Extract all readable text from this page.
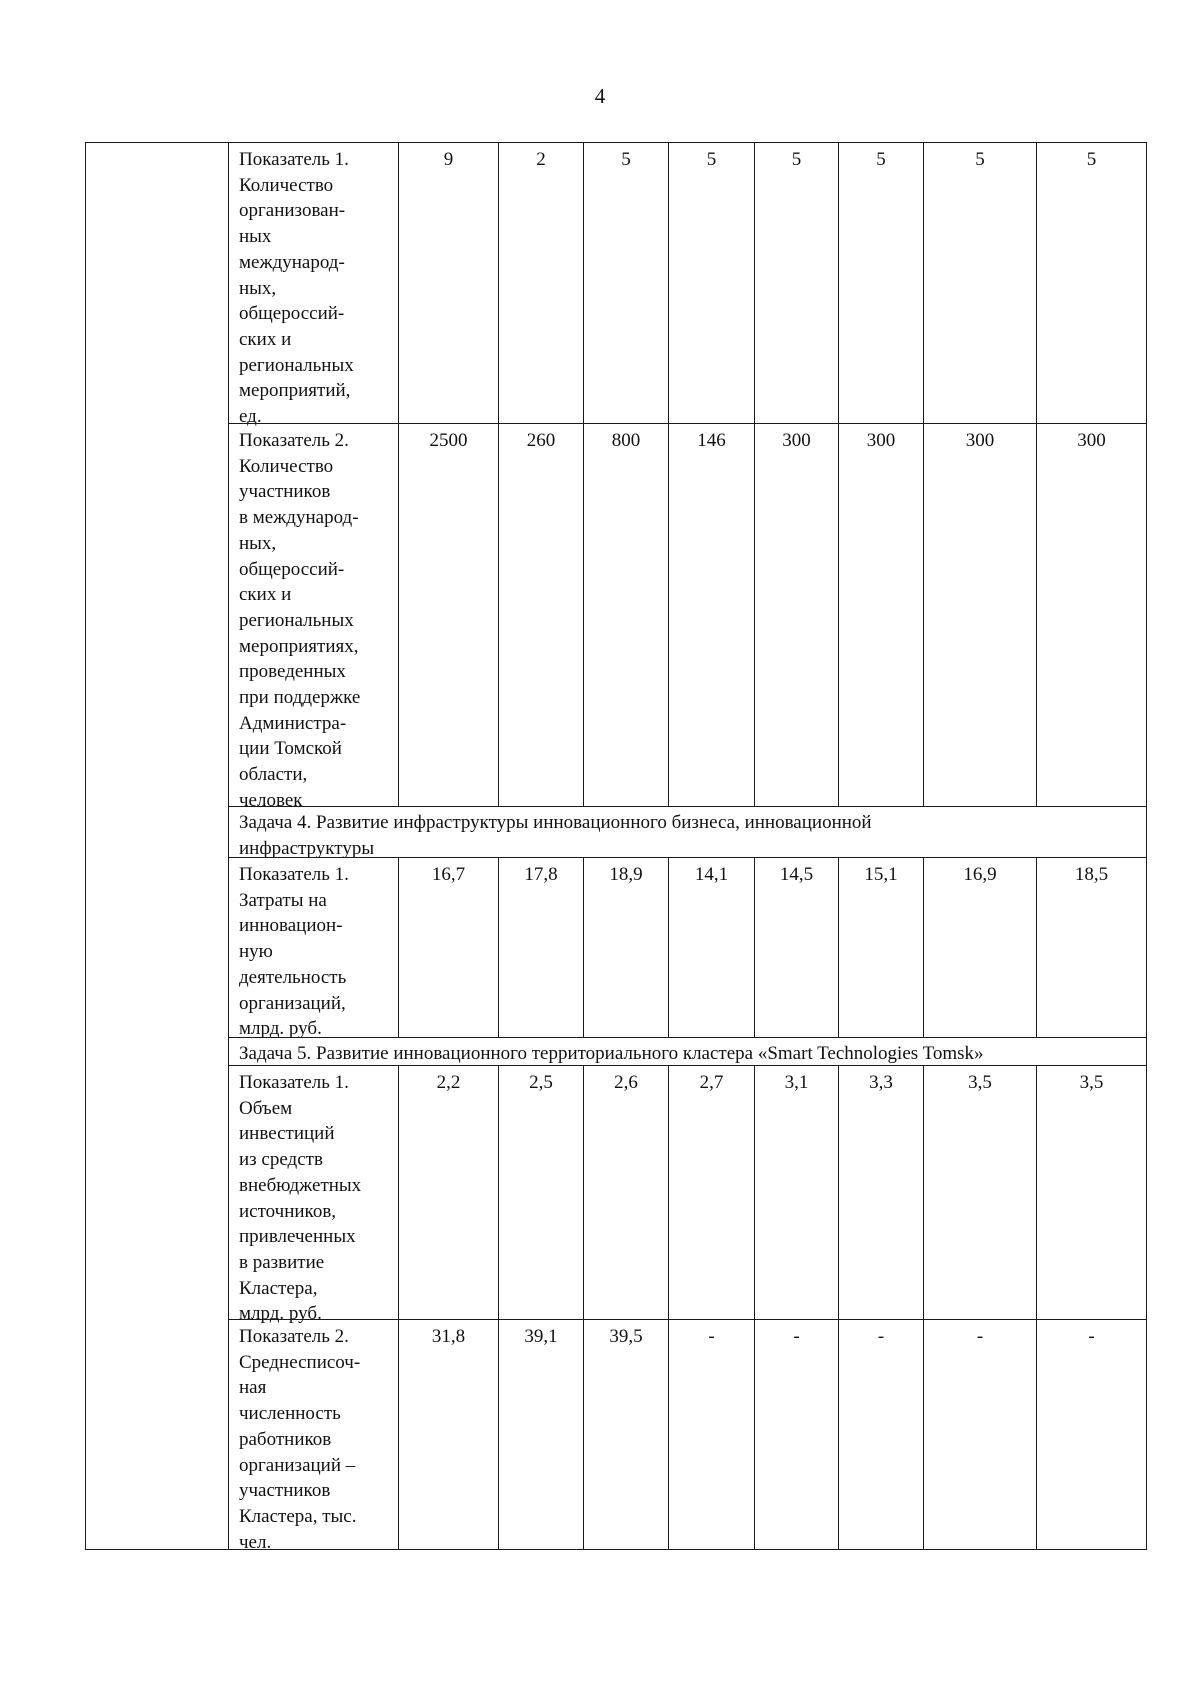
4
Показатель 1.
Количество
организован-
ных
международ-
ных,
общероссий-
ских и
региональных
мероприятий,
ед.
9	2	5	5	5	5	5	5
Показатель 2.
Количество
участников
в международ-
ных,
общероссий-
ских и
региональных
мероприятиях,
проведенных
при поддержке
Администра-
ции Томской
области,
человек
2500	260	800	146	300	300	300	300
Задача 4. Развитие инфраструктуры инновационного бизнеса, инновационной
инфраструктуры
Показатель 1.
Затраты на
инновацион-
ную
деятельность
организаций,
млрд. руб.
16,7	17,8	18,9	14,1	14,5	15,1	16,9	18,5
Задача 5. Развитие инновационного территориального кластера «Smart Technologies Tomsk»
Показатель 1.
Объем
инвестиций
из средств
внебюджетных
источников,
привлеченных
в развитие
Кластера,
млрд. руб.
2,2	2,5	2,6	2,7	3,1	3,3	3,5	3,5
Показатель 2.
Среднесписоч-
ная
численность
работников
организаций –
участников
Кластера, тыс.
чел.
31,8	39,1	39,5	-	-	-	-	-
